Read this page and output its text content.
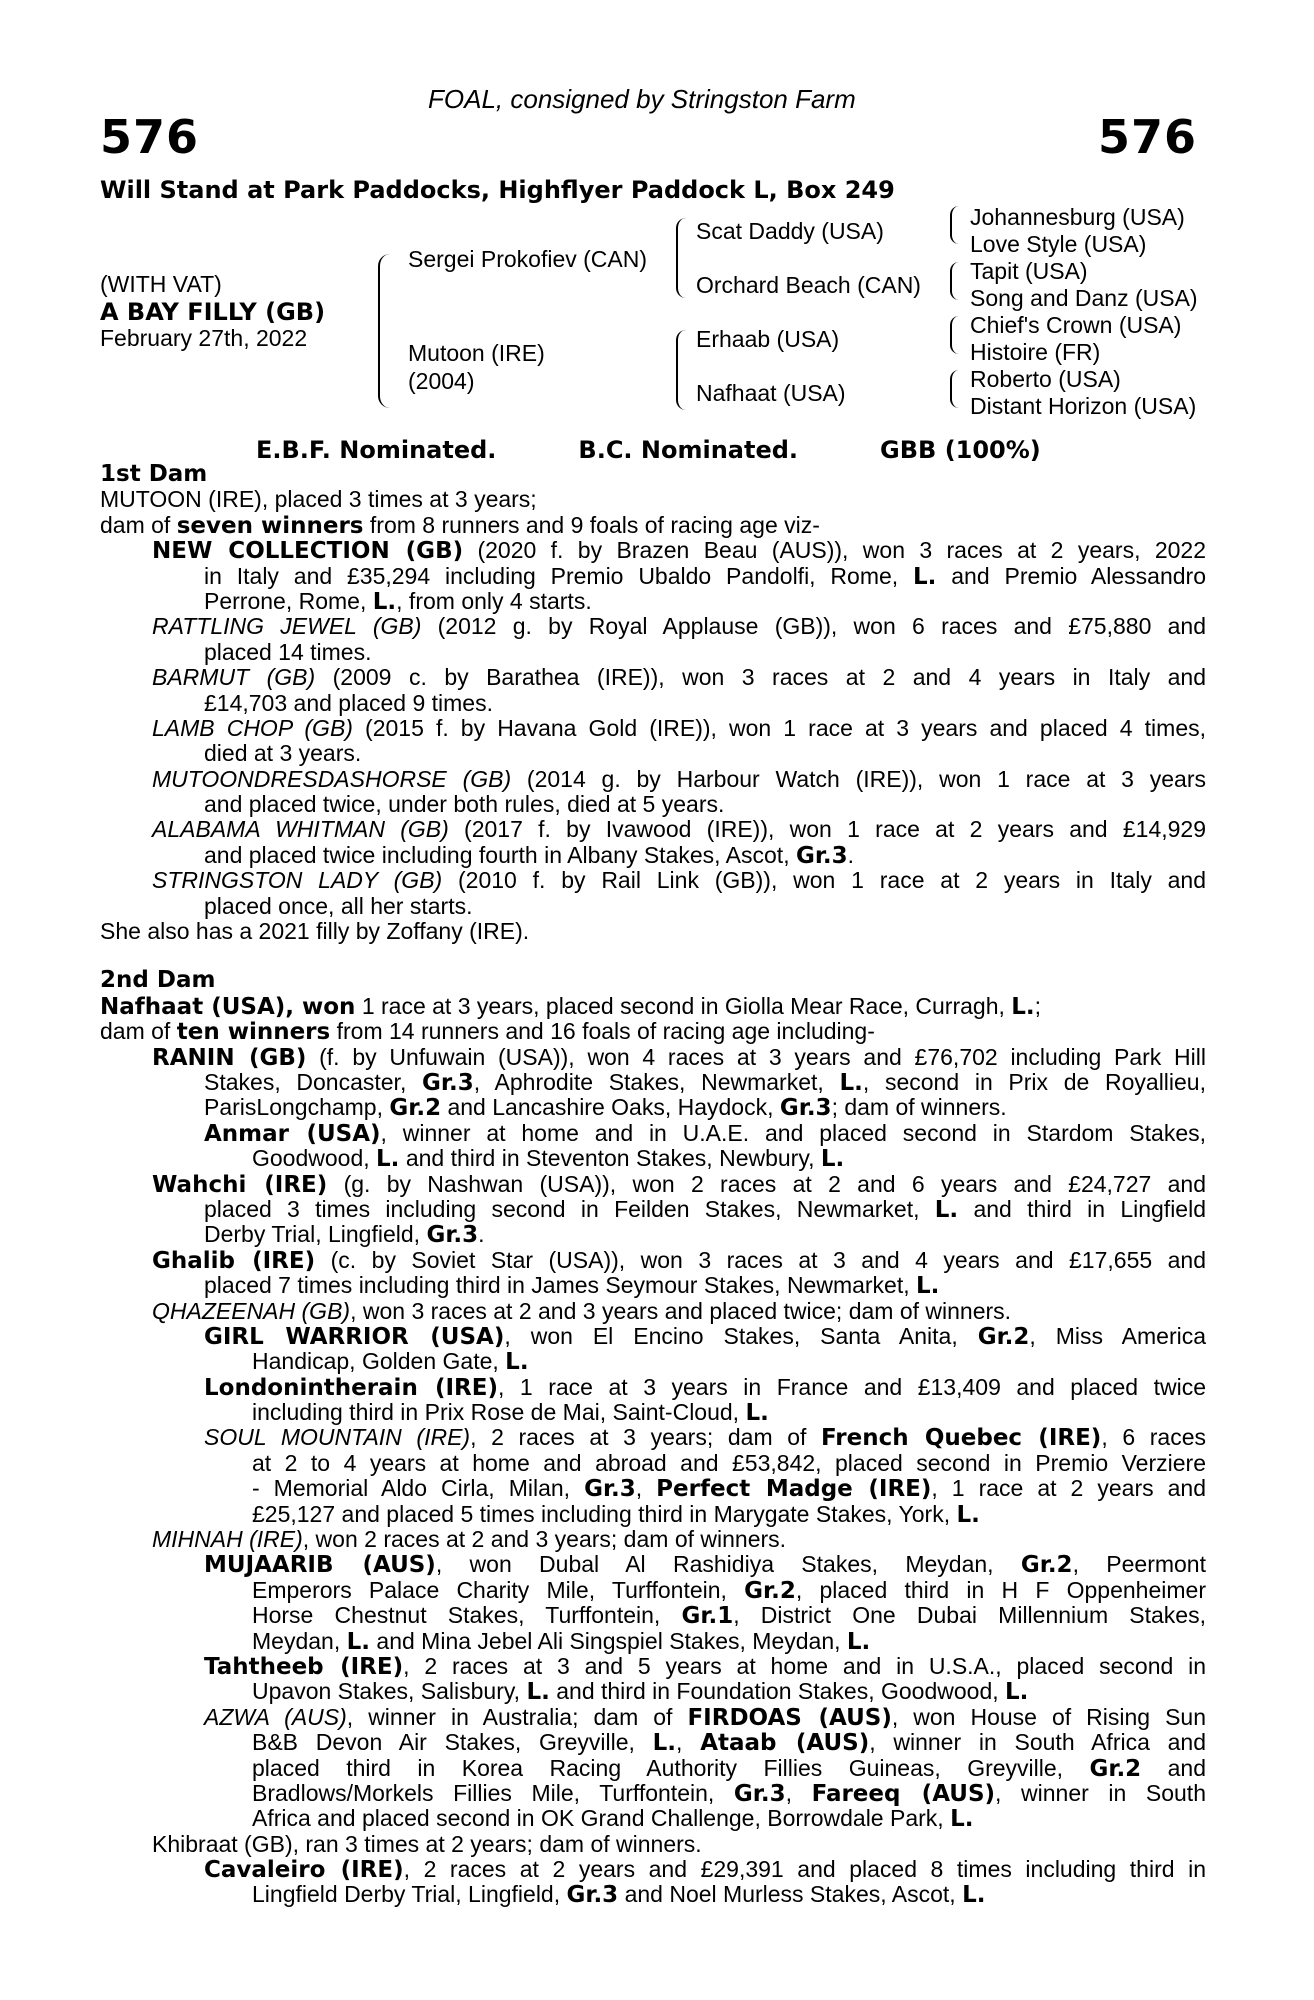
FOAL, consigned by Stringston Farm
576	576
Will Stand at Park Paddocks, Highflyer Paddock L, Box 249
(WITH VAT)
A BAY FILLY (GB)
February 27th, 2022
Sergei Prokofiev (CAN)
Mutoon (IRE)
(2004)
Scat Daddy (USA)
Orchard Beach (CAN)
Erhaab (USA)
Nafhaat (USA)
Johannesburg (USA)
Love Style (USA)
Tapit (USA)
Song and Danz (USA)
Chief's Crown (USA)
Histoire (FR)
Roberto (USA)
Distant Horizon (USA)
E.B.F. Nominated.	B.C. Nominated.	GBB (100%)
1st Dam
MUTOON (IRE), placed 3 times at 3 years;
dam of seven winners from 8 runners and 9 foals of racing age viz-
NEW COLLECTION (GB) (2020 f. by Brazen Beau (AUS)), won 3 races at 2 years, 2022
in Italy and £35,294 including Premio Ubaldo Pandolfi, Rome, L. and Premio Alessandro
Perrone, Rome, L., from only 4 starts.
RATTLING JEWEL (GB) (2012 g. by Royal Applause (GB)), won 6 races and £75,880 and
placed 14 times.
BARMUT (GB) (2009 c. by Barathea (IRE)), won 3 races at 2 and 4 years in Italy and
£14,703 and placed 9 times.
LAMB CHOP (GB) (2015 f. by Havana Gold (IRE)), won 1 race at 3 years and placed 4 times,
died at 3 years.
MUTOONDRESDASHORSE (GB) (2014 g. by Harbour Watch (IRE)), won 1 race at 3 years
and placed twice, under both rules, died at 5 years.
ALABAMA WHITMAN (GB) (2017 f. by Ivawood (IRE)), won 1 race at 2 years and £14,929
and placed twice including fourth in Albany Stakes, Ascot, Gr.3.
STRINGSTON LADY (GB) (2010 f. by Rail Link (GB)), won 1 race at 2 years in Italy and
placed once, all her starts.
She also has a 2021 filly by Zoffany (IRE).
2nd Dam
Nafhaat (USA), won 1 race at 3 years, placed second in Giolla Mear Race, Curragh, L.;
dam of ten winners from 14 runners and 16 foals of racing age including-
RANIN (GB) (f. by Unfuwain (USA)), won 4 races at 3 years and £76,702 including Park Hill
Stakes, Doncaster, Gr.3, Aphrodite Stakes, Newmarket, L., second in Prix de Royallieu,
ParisLongchamp, Gr.2 and Lancashire Oaks, Haydock, Gr.3; dam of winners.
Anmar (USA), winner at home and in U.A.E. and placed second in Stardom Stakes,
Goodwood, L. and third in Steventon Stakes, Newbury, L.
Wahchi (IRE) (g. by Nashwan (USA)), won 2 races at 2 and 6 years and £24,727 and
placed 3 times including second in Feilden Stakes, Newmarket, L. and third in Lingfield
Derby Trial, Lingfield, Gr.3.
Ghalib (IRE) (c. by Soviet Star (USA)), won 3 races at 3 and 4 years and £17,655 and
placed 7 times including third in James Seymour Stakes, Newmarket, L.
QHAZEENAH (GB), won 3 races at 2 and 3 years and placed twice; dam of winners.
GIRL WARRIOR (USA), won El Encino Stakes, Santa Anita, Gr.2, Miss America
Handicap, Golden Gate, L.
Londonintherain (IRE), 1 race at 3 years in France and £13,409 and placed twice
including third in Prix Rose de Mai, Saint-Cloud, L.
SOUL MOUNTAIN (IRE), 2 races at 3 years; dam of French Quebec (IRE), 6 races
at 2 to 4 years at home and abroad and £53,842, placed second in Premio Verziere
- Memorial Aldo Cirla, Milan, Gr.3, Perfect Madge (IRE), 1 race at 2 years and
£25,127 and placed 5 times including third in Marygate Stakes, York, L.
MIHNAH (IRE), won 2 races at 2 and 3 years; dam of winners.
MUJAARIB (AUS), won Dubal Al Rashidiya Stakes, Meydan, Gr.2, Peermont
Emperors Palace Charity Mile, Turffontein, Gr.2, placed third in H F Oppenheimer
Horse Chestnut Stakes, Turffontein, Gr.1, District One Dubai Millennium Stakes,
Meydan, L. and Mina Jebel Ali Singspiel Stakes, Meydan, L.
Tahtheeb (IRE), 2 races at 3 and 5 years at home and in U.S.A., placed second in
Upavon Stakes, Salisbury, L. and third in Foundation Stakes, Goodwood, L.
AZWA (AUS), winner in Australia; dam of FIRDOAS (AUS), won House of Rising Sun
B&B Devon Air Stakes, Greyville, L., Ataab (AUS), winner in South Africa and
placed third in Korea Racing Authority Fillies Guineas, Greyville, Gr.2 and
Bradlows/Morkels Fillies Mile, Turffontein, Gr.3, Fareeq (AUS), winner in South
Africa and placed second in OK Grand Challenge, Borrowdale Park, L.
Khibraat (GB), ran 3 times at 2 years; dam of winners.
Cavaleiro (IRE), 2 races at 2 years and £29,391 and placed 8 times including third in
Lingfield Derby Trial, Lingfield, Gr.3 and Noel Murless Stakes, Ascot, L.
